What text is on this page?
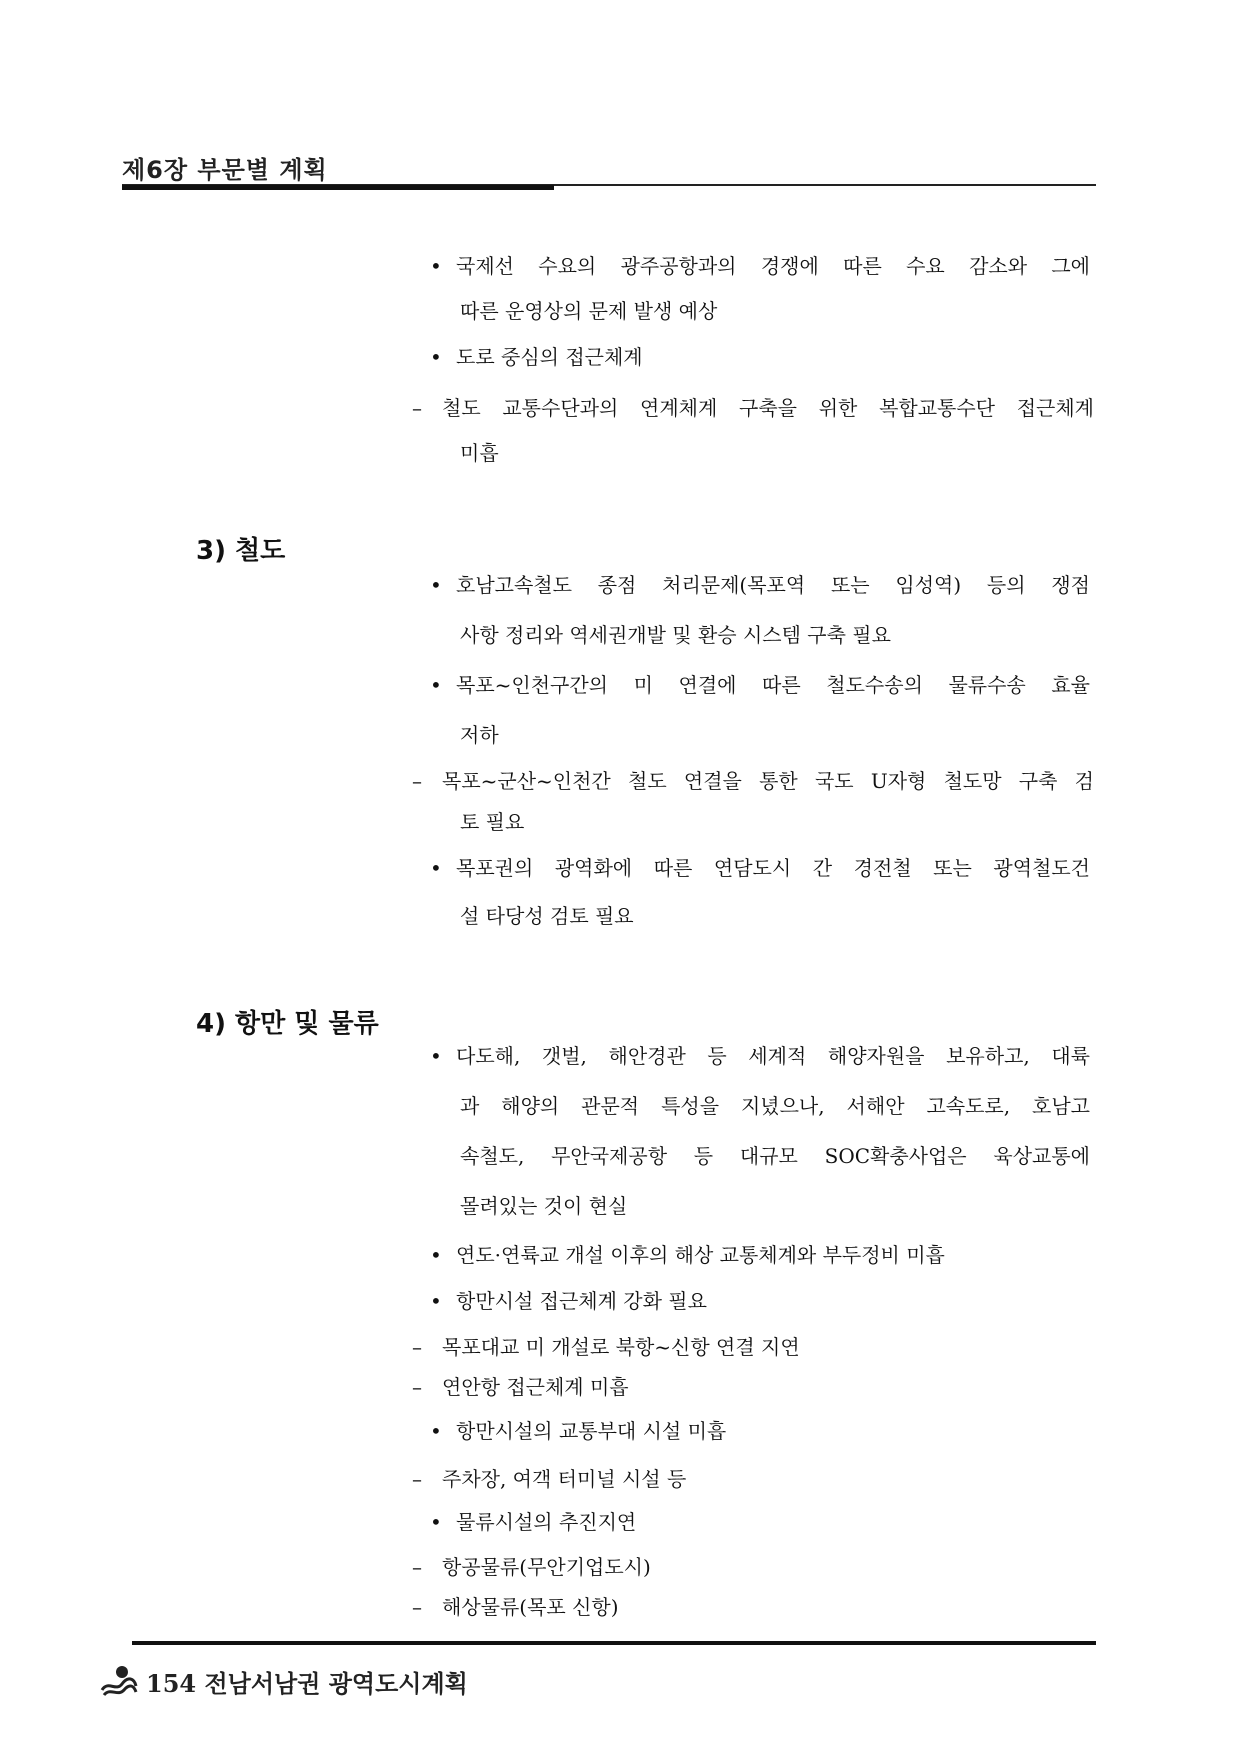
제6장 부문별 계획
• 국제선 수요의 광주공항과의 경쟁에 따른 수요 감소와 그에
따른 운영상의 문제 발생 예상
• 도로 중심의 접근체계
– 철도 교통수단과의 연계체계 구축을 위한 복합교통수단 접근체계
미흡
3) 철도
• 호남고속철도 종점 처리문제(목포역 또는 임성역) 등의 쟁점
사항 정리와 역세권개발 및 환승 시스템 구축 필요
• 목포~인천구간의 미 연결에 따른 철도수송의 물류수송 효율
저하
– 목포~군산~인천간 철도 연결을 통한 국도 U자형 철도망 구축 검
토 필요
• 목포권의 광역화에 따른 연담도시 간 경전철 또는 광역철도건
설 타당성 검토 필요
4) 항만 및 물류
• 다도해, 갯벌, 해안경관 등 세계적 해양자원을 보유하고, 대륙
과 해양의 관문적 특성을 지녔으나, 서해안 고속도로, 호남고
속철도, 무안국제공항 등 대규모 SOC확충사업은 육상교통에
몰려있는 것이 현실
• 연도·연륙교 개설 이후의 해상 교통체계와 부두정비 미흡
• 항만시설 접근체계 강화 필요
– 목포대교 미 개설로 북항~신항 연결 지연
– 연안항 접근체계 미흡
• 항만시설의 교통부대 시설 미흡
– 주차장, 여객 터미널 시설 등
• 물류시설의 추진지연
– 항공물류(무안기업도시)
– 해상물류(목포 신항)
154 전남서남권 광역도시계획
